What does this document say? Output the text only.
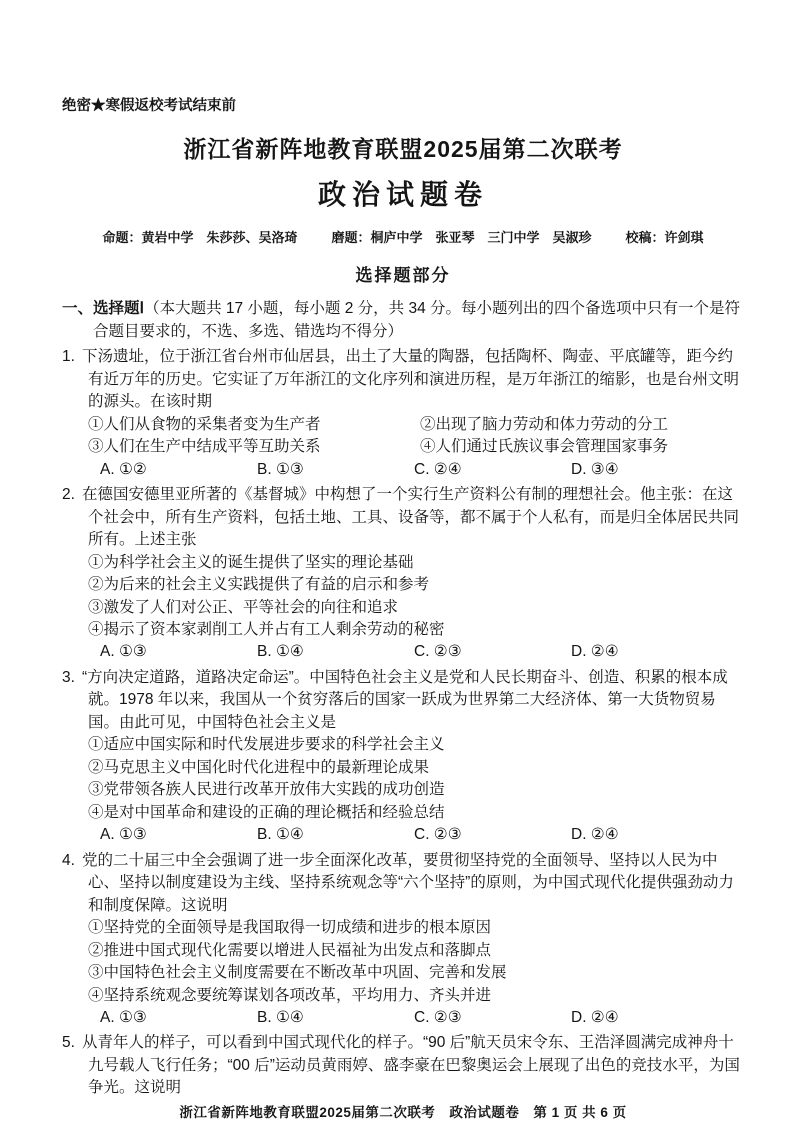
绝密★寒假返校考试结束前
浙江省新阵地教育联盟2025届第二次联考
政治试题卷
命题：黄岩中学　朱莎莎、吴洛琦	磨题：桐庐中学　张亚琴　三门中学　吴淑珍	校稿：许剑琪
选择题部分

一、选择题Ⅰ（本大题共 17 小题，每小题 2 分，共 34 分。每小题列出的四个备选项中只有一个是符合题目要求的，不选、多选、错选均不得分）

1. 下汤遗址，位于浙江省台州市仙居县，出土了大量的陶器，包括陶杯、陶壶、平底罐等，距今约有近万年的历史。它实证了万年浙江的文化序列和演进历程，是万年浙江的缩影，也是台州文明的源头。在该时期

①人们从食物的采集者变为生产者	②出现了脑力劳动和体力劳动的分工
③人们在生产中结成平等互助关系	④人们通过氏族议事会管理国家事务
A. ①②	B. ①③	C. ②④	D. ③④

2. 在德国安德里亚所著的《基督城》中构想了一个实行生产资料公有制的理想社会。他主张：在这个社会中，所有生产资料，包括土地、工具、设备等，都不属于个人私有，而是归全体居民共同所有。上述主张

①为科学社会主义的诞生提供了坚实的理论基础
②为后来的社会主义实践提供了有益的启示和参考
③激发了人们对公正、平等社会的向往和追求
④揭示了资本家剥削工人并占有工人剩余劳动的秘密
A. ①③	B. ①④	C. ②③	D. ②④

3. “方向决定道路，道路决定命运”。中国特色社会主义是党和人民长期奋斗、创造、积累的根本成就。1978 年以来，我国从一个贫穷落后的国家一跃成为世界第二大经济体、第一大货物贸易国。由此可见，中国特色社会主义是

①适应中国实际和时代发展进步要求的科学社会主义
②马克思主义中国化时代化进程中的最新理论成果
③党带领各族人民进行改革开放伟大实践的成功创造
④是对中国革命和建设的正确的理论概括和经验总结
A. ①③	B. ①④	C. ②③	D. ②④

4. 党的二十届三中全会强调了进一步全面深化改革，要贯彻坚持党的全面领导、坚持以人民为中心、坚持以制度建设为主线、坚持系统观念等“六个坚持”的原则，为中国式现代化提供强劲动力和制度保障。这说明

①坚持党的全面领导是我国取得一切成绩和进步的根本原因
②推进中国式现代化需要以增进人民福祉为出发点和落脚点
③中国特色社会主义制度需要在不断改革中巩固、完善和发展
④坚持系统观念要统筹谋划各项改革，平均用力、齐头并进
A. ①③	B. ①④	C. ②③	D. ②④

5. 从青年人的样子，可以看到中国式现代化的样子。“90 后”航天员宋令东、王浩泽圆满完成神舟十九号载人飞行任务；“00 后”运动员黄雨婷、盛李豪在巴黎奥运会上展现了出色的竞技水平，为国争光。这说明

浙江省新阵地教育联盟2025届第二次联考　政治试题卷　第 1 页 共 6 页
